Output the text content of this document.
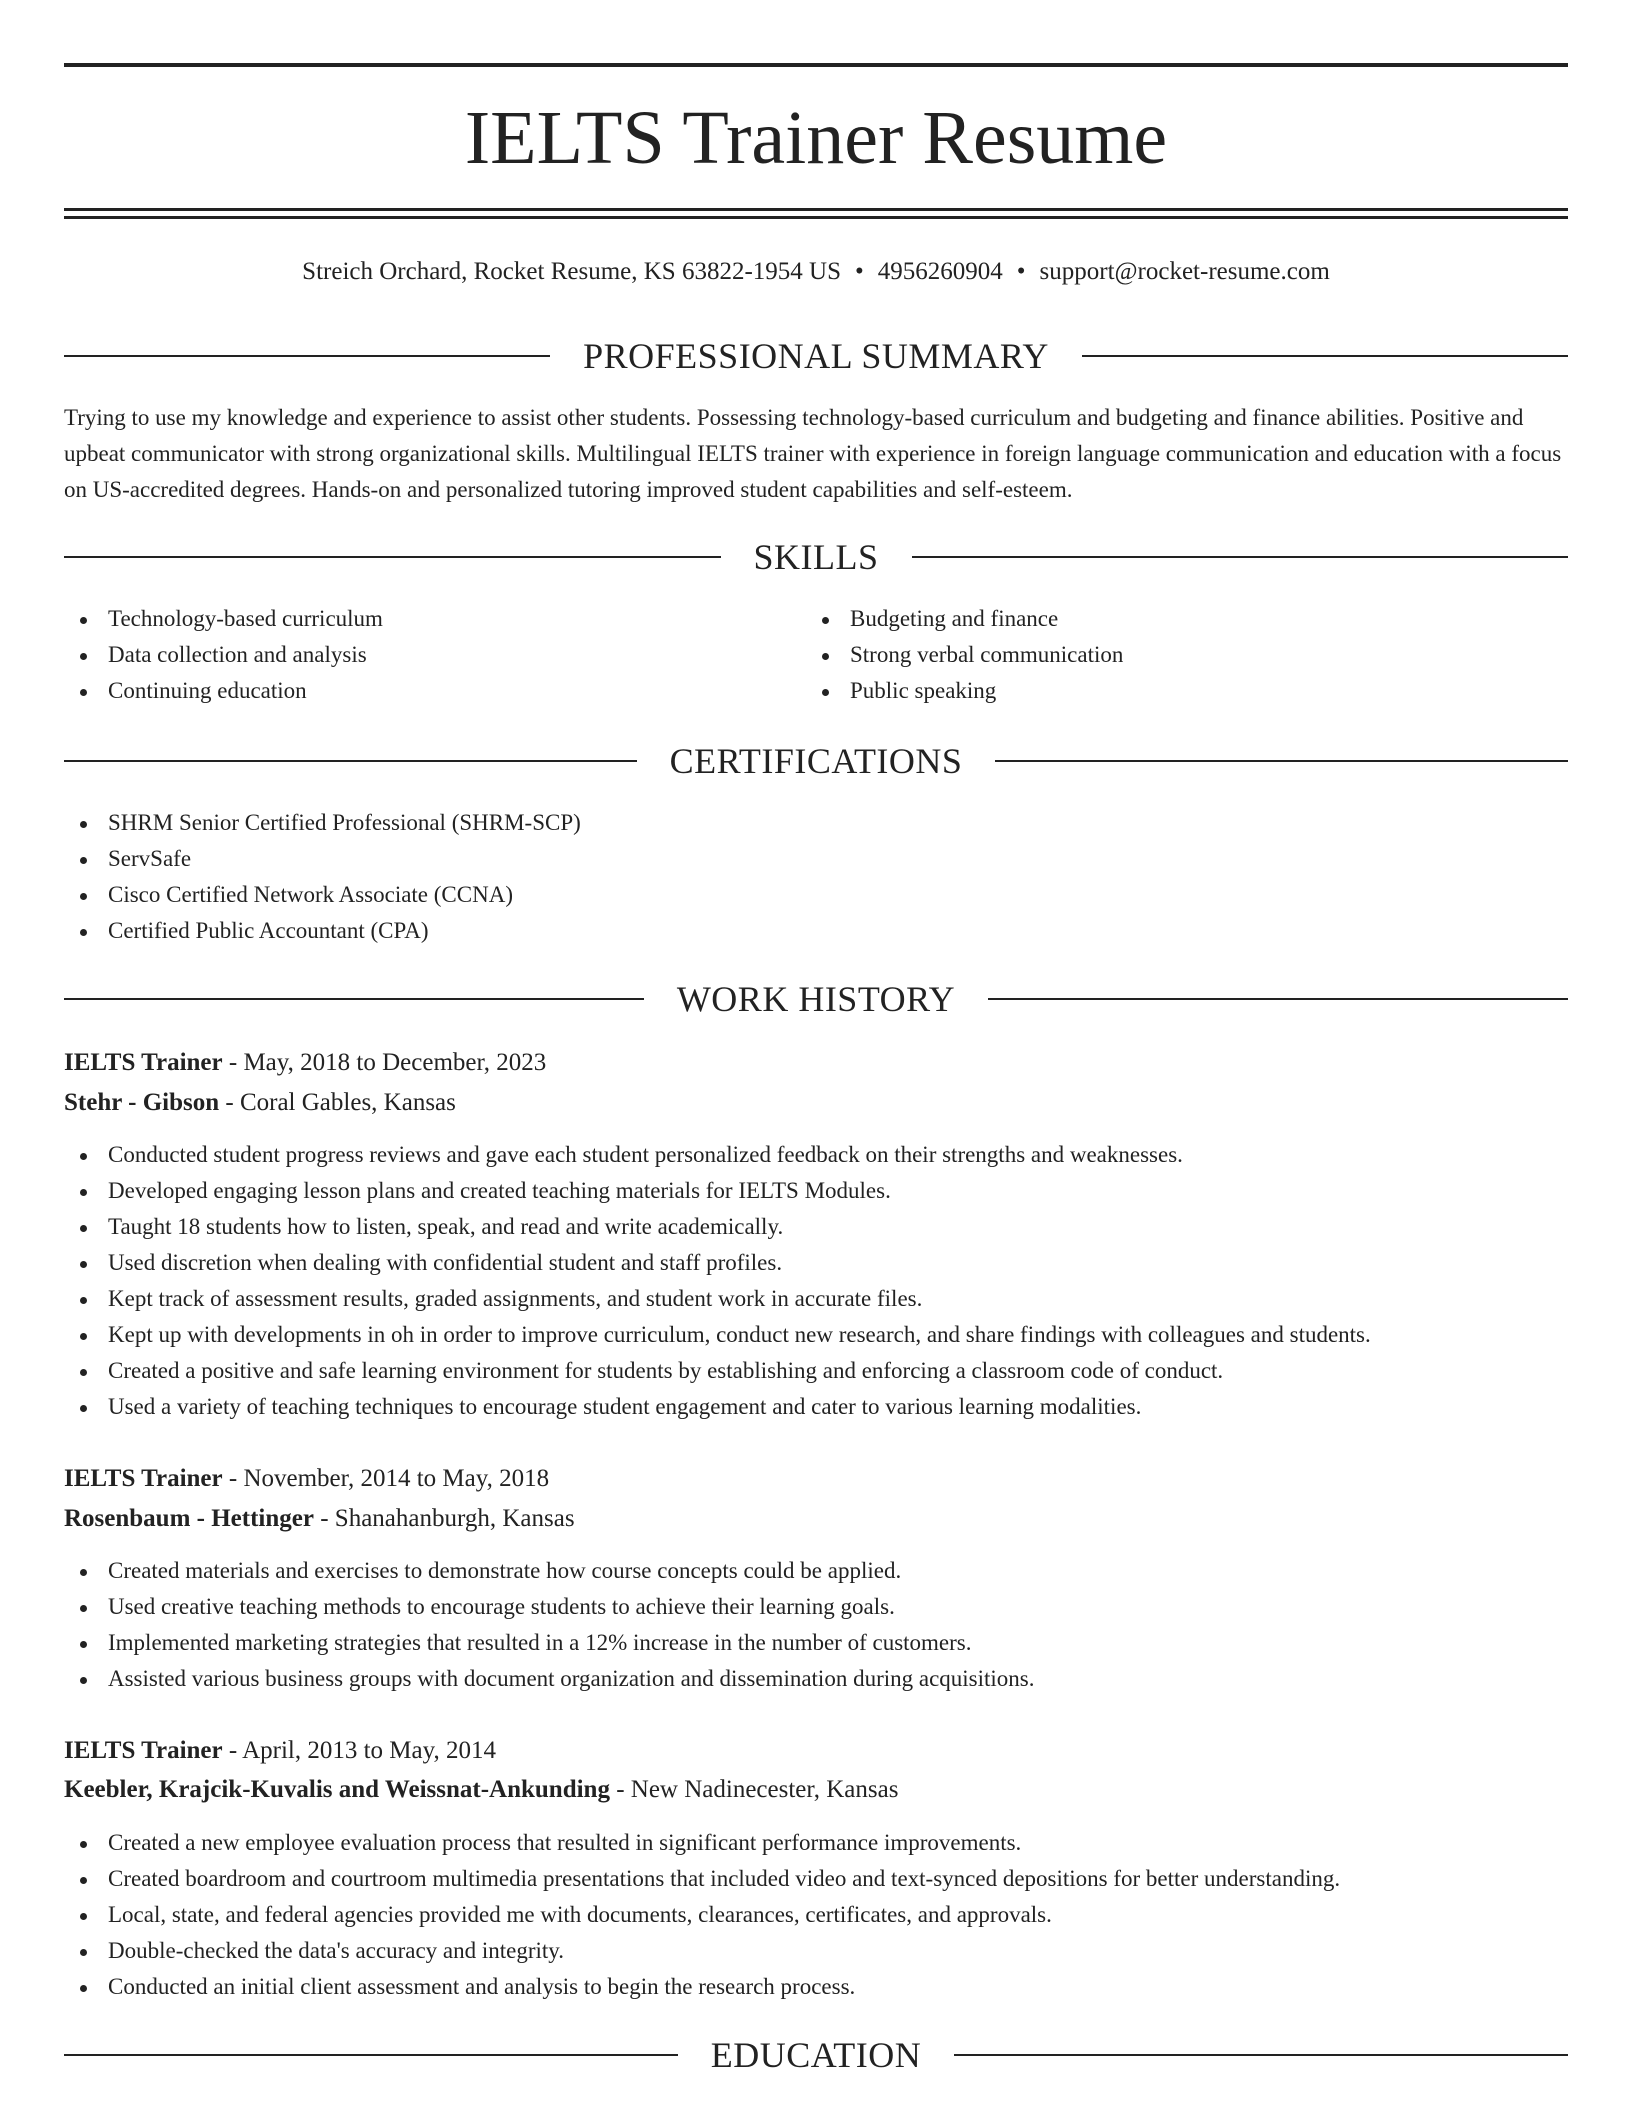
IELTS Trainer Resume
Streich Orchard, Rocket Resume, KS 63822-1954 US • 4956260904 • support@rocket-resume.com
PROFESSIONAL SUMMARY
Trying to use my knowledge and experience to assist other students. Possessing technology-based curriculum and budgeting and finance abilities. Positive and upbeat communicator with strong organizational skills. Multilingual IELTS trainer with experience in foreign language communication and education with a focus on US-accredited degrees. Hands-on and personalized tutoring improved student capabilities and self-esteem.
SKILLS
Technology-based curriculum
Data collection and analysis
Continuing education
Budgeting and finance
Strong verbal communication
Public speaking
CERTIFICATIONS
SHRM Senior Certified Professional (SHRM-SCP)
ServSafe
Cisco Certified Network Associate (CCNA)
Certified Public Accountant (CPA)
WORK HISTORY
IELTS Trainer - May, 2018 to December, 2023
Stehr - Gibson - Coral Gables, Kansas
Conducted student progress reviews and gave each student personalized feedback on their strengths and weaknesses.
Developed engaging lesson plans and created teaching materials for IELTS Modules.
Taught 18 students how to listen, speak, and read and write academically.
Used discretion when dealing with confidential student and staff profiles.
Kept track of assessment results, graded assignments, and student work in accurate files.
Kept up with developments in oh in order to improve curriculum, conduct new research, and share findings with colleagues and students.
Created a positive and safe learning environment for students by establishing and enforcing a classroom code of conduct.
Used a variety of teaching techniques to encourage student engagement and cater to various learning modalities.
IELTS Trainer - November, 2014 to May, 2018
Rosenbaum - Hettinger - Shanahanburgh, Kansas
Created materials and exercises to demonstrate how course concepts could be applied.
Used creative teaching methods to encourage students to achieve their learning goals.
Implemented marketing strategies that resulted in a 12% increase in the number of customers.
Assisted various business groups with document organization and dissemination during acquisitions.
IELTS Trainer - April, 2013 to May, 2014
Keebler, Krajcik-Kuvalis and Weissnat-Ankunding - New Nadinecester, Kansas
Created a new employee evaluation process that resulted in significant performance improvements.
Created boardroom and courtroom multimedia presentations that included video and text-synced depositions for better understanding.
Local, state, and federal agencies provided me with documents, clearances, certificates, and approvals.
Double-checked the data's accuracy and integrity.
Conducted an initial client assessment and analysis to begin the research process.
EDUCATION
